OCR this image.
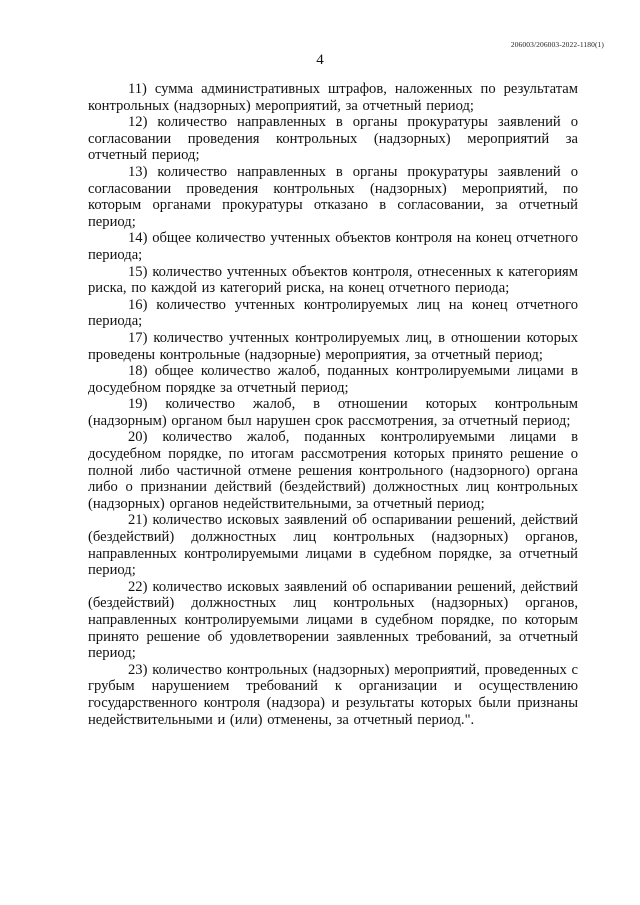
206003/206003-2022-1180(1)
4

11) сумма административных штрафов, наложенных по результатам контрольных (надзорных) мероприятий, за отчетный период;

12) количество направленных в органы прокуратуры заявлений о согласовании проведения контрольных (надзорных) мероприятий за отчетный период;

13) количество направленных в органы прокуратуры заявлений о согласовании проведения контрольных (надзорных) мероприятий, по которым органами прокуратуры отказано в согласовании, за отчетный период;

14) общее количество учтенных объектов контроля на конец отчетного периода;

15) количество учтенных объектов контроля, отнесенных к категориям риска, по каждой из категорий риска, на конец отчетного периода;

16) количество учтенных контролируемых лиц на конец отчетного периода;

17) количество учтенных контролируемых лиц, в отношении которых проведены контрольные (надзорные) мероприятия, за отчетный период;

18) общее количество жалоб, поданных контролируемыми лицами в досудебном порядке за отчетный период;

19) количество жалоб, в отношении которых контрольным (надзорным) органом был нарушен срок рассмотрения, за отчетный период;

20) количество жалоб, поданных контролируемыми лицами в досудебном порядке, по итогам рассмотрения которых принято решение о полной либо частичной отмене решения контрольного (надзорного) органа либо о признании действий (бездействий) должностных лиц контрольных (надзорных) органов недействительными, за отчетный период;

21) количество исковых заявлений об оспаривании решений, действий (бездействий) должностных лиц контрольных (надзорных) органов, направленных контролируемыми лицами в судебном порядке, за отчетный период;

22) количество исковых заявлений об оспаривании решений, действий (бездействий) должностных лиц контрольных (надзорных) органов, направленных контролируемыми лицами в судебном порядке, по которым принято решение об удовлетворении заявленных требований, за отчетный период;

23) количество контрольных (надзорных) мероприятий, проведенных с грубым нарушением требований к организации и осуществлению государственного контроля (надзора) и результаты которых были признаны недействительными и (или) отменены, за отчетный период.".
